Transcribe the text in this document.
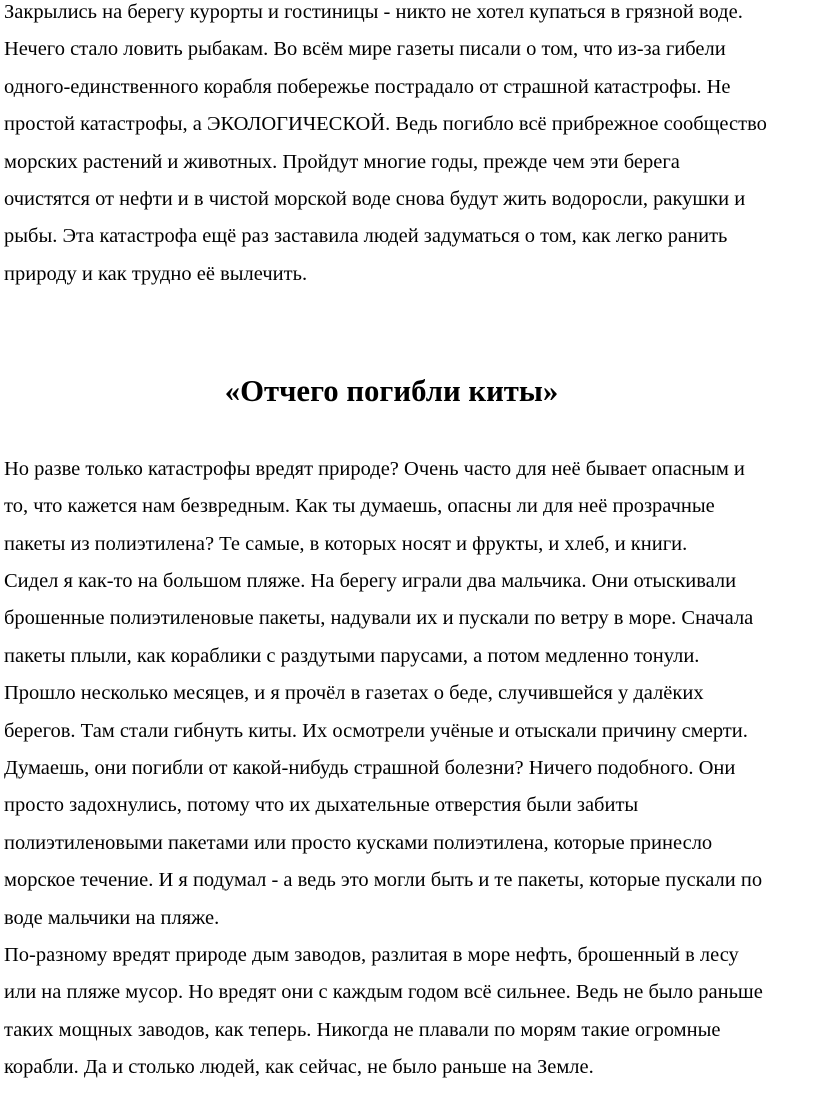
Закрылись на берегу курорты и гостиницы - никто не хотел купаться в грязной воде.
Нечего стало ловить рыбакам. Во всём мире газеты писали о том, что из-за гибели
одного-единственного корабля побережье пострадало от страшной катастрофы. Не
простой катастрофы, а ЭКОЛОГИЧЕСКОЙ. Ведь погибло всё прибрежное сообщество
морских растений и животных. Пройдут многие годы, прежде чем эти берега
очистятся от нефти и в чистой морской воде снова будут жить водоросли, ракушки и
рыбы. Эта катастрофа ещё раз заставила людей задуматься о том, как легко ранить
природу и как трудно её вылечить.
«Отчего погибли киты»
Но разве только катастрофы вредят природе? Очень часто для неё бывает опасным и
то, что кажется нам безвредным. Как ты думаешь, опасны ли для неё прозрачные
пакеты из полиэтилена? Те самые, в которых носят и фрукты, и хлеб, и книги.
Сидел я как-то на большом пляже. На берегу играли два мальчика. Они отыскивали
брошенные полиэтиленовые пакеты, надували их и пускали по ветру в море. Сначала
пакеты плыли, как кораблики с раздутыми парусами, а потом медленно тонули.
Прошло несколько месяцев, и я прочёл в газетах о беде, случившейся у далёких
берегов. Там стали гибнуть киты. Их осмотрели учёные и отыскали причину смерти.
Думаешь, они погибли от какой-нибудь страшной болезни? Ничего подобного. Они
просто задохнулись, потому что их дыхательные отверстия были забиты
полиэтиленовыми пакетами или просто кусками полиэтилена, которые принесло
морское течение. И я подумал - а ведь это могли быть и те пакеты, которые пускали по
воде мальчики на пляже.
По-разному вредят природе дым заводов, разлитая в море нефть, брошенный в лесу
или на пляже мусор. Но вредят они с каждым годом всё сильнее. Ведь не было раньше
таких мощных заводов, как теперь. Никогда не плавали по морям такие огромные
корабли. Да и столько людей, как сейчас, не было раньше на Земле.
